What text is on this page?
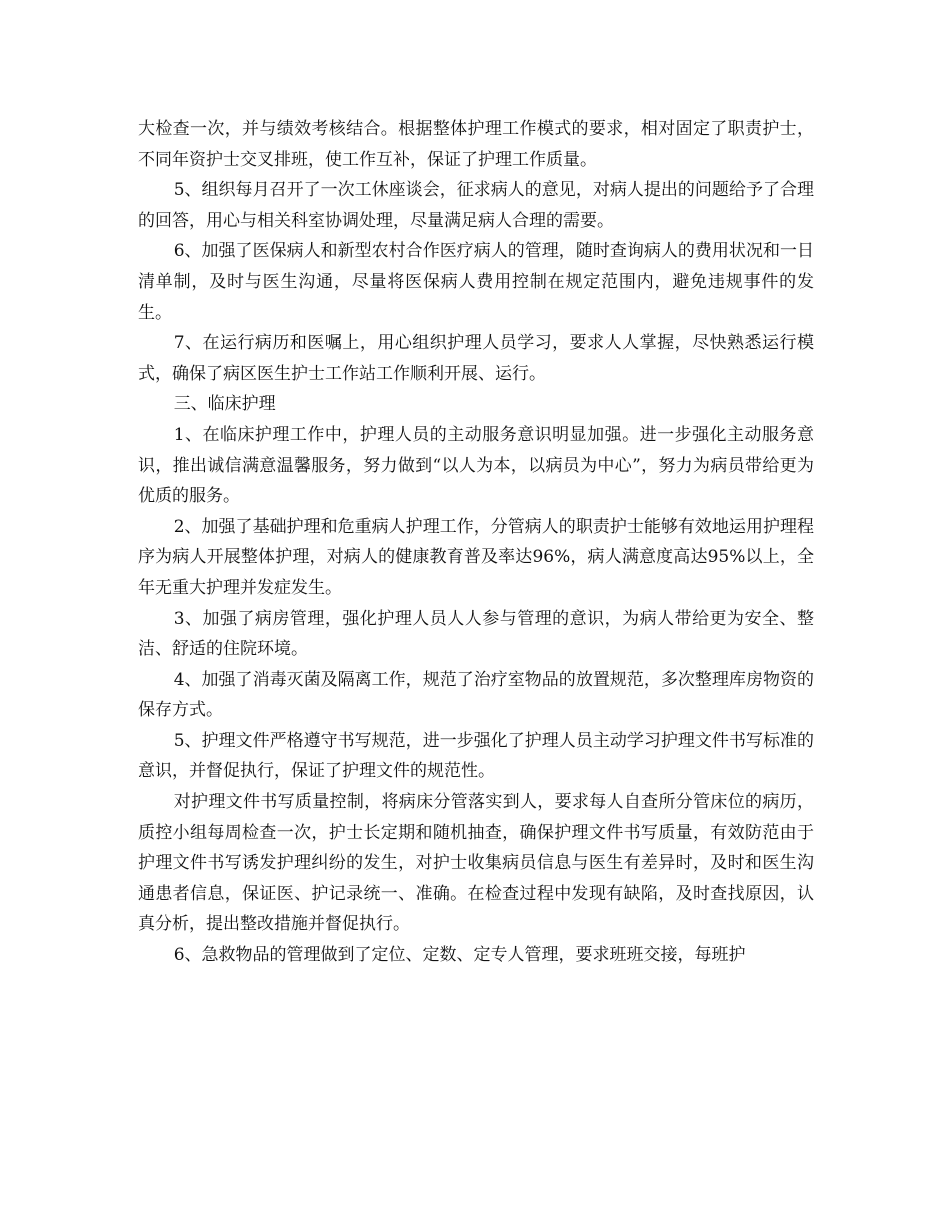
大检查一次，并与绩效考核结合。根据整体护理工作模式的要求，相对固定了职责护士，不同年资护士交叉排班，使工作互补，保证了护理工作质量。

5、组织每月召开了一次工休座谈会，征求病人的意见，对病人提出的问题给予了合理的回答，用心与相关科室协调处理，尽量满足病人合理的需要。

6、加强了医保病人和新型农村合作医疗病人的管理，随时查询病人的费用状况和一日清单制，及时与医生沟通，尽量将医保病人费用控制在规定范围内，避免违规事件的发生。

7、在运行病历和医嘱上，用心组织护理人员学习，要求人人掌握，尽快熟悉运行模式，确保了病区医生护士工作站工作顺利开展、运行。

三、临床护理

1、在临床护理工作中，护理人员的主动服务意识明显加强。进一步强化主动服务意识，推出诚信满意温馨服务，努力做到“以人为本，以病员为中心”，努力为病员带给更为优质的服务。

2、加强了基础护理和危重病人护理工作，分管病人的职责护士能够有效地运用护理程序为病人开展整体护理，对病人的健康教育普及率达96%，病人满意度高达95%以上，全年无重大护理并发症发生。

3、加强了病房管理，强化护理人员人人参与管理的意识，为病人带给更为安全、整洁、舒适的住院环境。

4、加强了消毒灭菌及隔离工作，规范了治疗室物品的放置规范，多次整理库房物资的保存方式。

5、护理文件严格遵守书写规范，进一步强化了护理人员主动学习护理文件书写标准的意识，并督促执行，保证了护理文件的规范性。

对护理文件书写质量控制，将病床分管落实到人，要求每人自查所分管床位的病历，质控小组每周检查一次，护士长定期和随机抽查，确保护理文件书写质量，有效防范由于护理文件书写诱发护理纠纷的发生，对护士收集病员信息与医生有差异时，及时和医生沟通患者信息，保证医、护记录统一、准确。在检查过程中发现有缺陷，及时查找原因，认真分析，提出整改措施并督促执行。

6、急救物品的管理做到了定位、定数、定专人管理，要求班班交接，每班护
